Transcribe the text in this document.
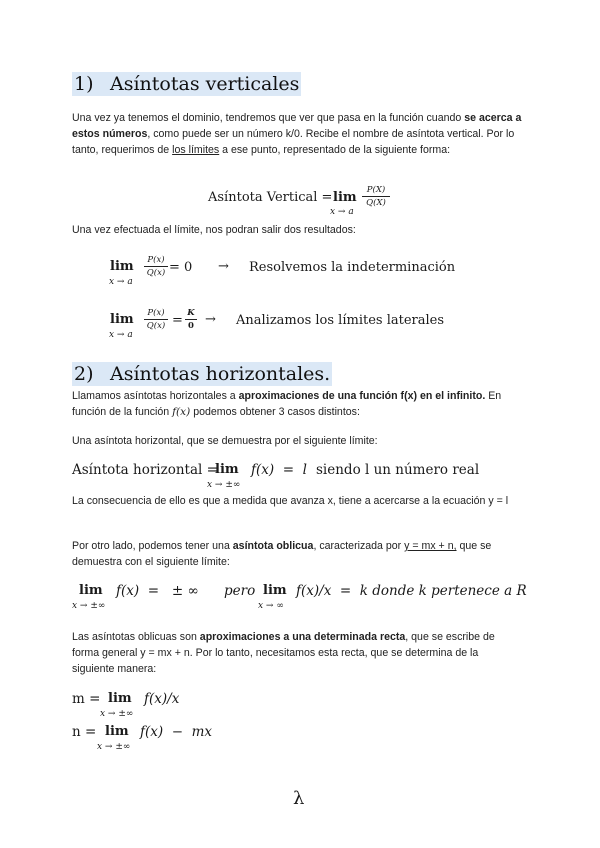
1) Asíntotas verticales
Una vez ya tenemos el dominio, tendremos que ver que pasa en la función cuando se acerca a estos números, como puede ser un número k/0. Recibe el nombre de asíntota vertical. Por lo tanto, requerimos de los límites a ese punto, representado de la siguiente forma:
Asíntota Vertical = lim
x → a
P(X)
Q(X)
Una vez efectuada el límite, nos podran salir dos resultados:
lim
x → a
P(x)
Q(x) = 0 → Resolvemos la indeterminación
lim
x → a
P(x)
Q(x) = K
0 → Analizamos los límites laterales
2) Asíntotas horizontales.
Llamamos asíntotas horizontales a aproximaciones de una función f(x) en el infinito. En función de la función f(x) podemos obtener 3 casos distintos:
Una asíntota horizontal, que se demuestra por el siguiente límite:
Asíntota horizontal =
lim
x → ±∞
f(x)  =  l siendo l un número real
La consecuencia de ello es que a medida que avanza x, tiene a acercarse a la ecuación y = l
Por otro lado, podemos tener una asíntota oblicua, caracterizada por y = mx + n, que se demuestra con el siguiente límite:
lim
x → ±∞
f(x)  =   ± ∞ pero lim
x → ∞
f(x)/x  =  k donde k pertenece a R
Las asíntotas oblicuas son aproximaciones a una determinada recta, que se escribe de forma general y = mx + n. Por lo tanto, necesitamos esta recta, que se determina de la siguiente manera:
m = lim
x → ±∞
f(x)/x
n = lim
x → ±∞
f(x)  −  mx
λ
